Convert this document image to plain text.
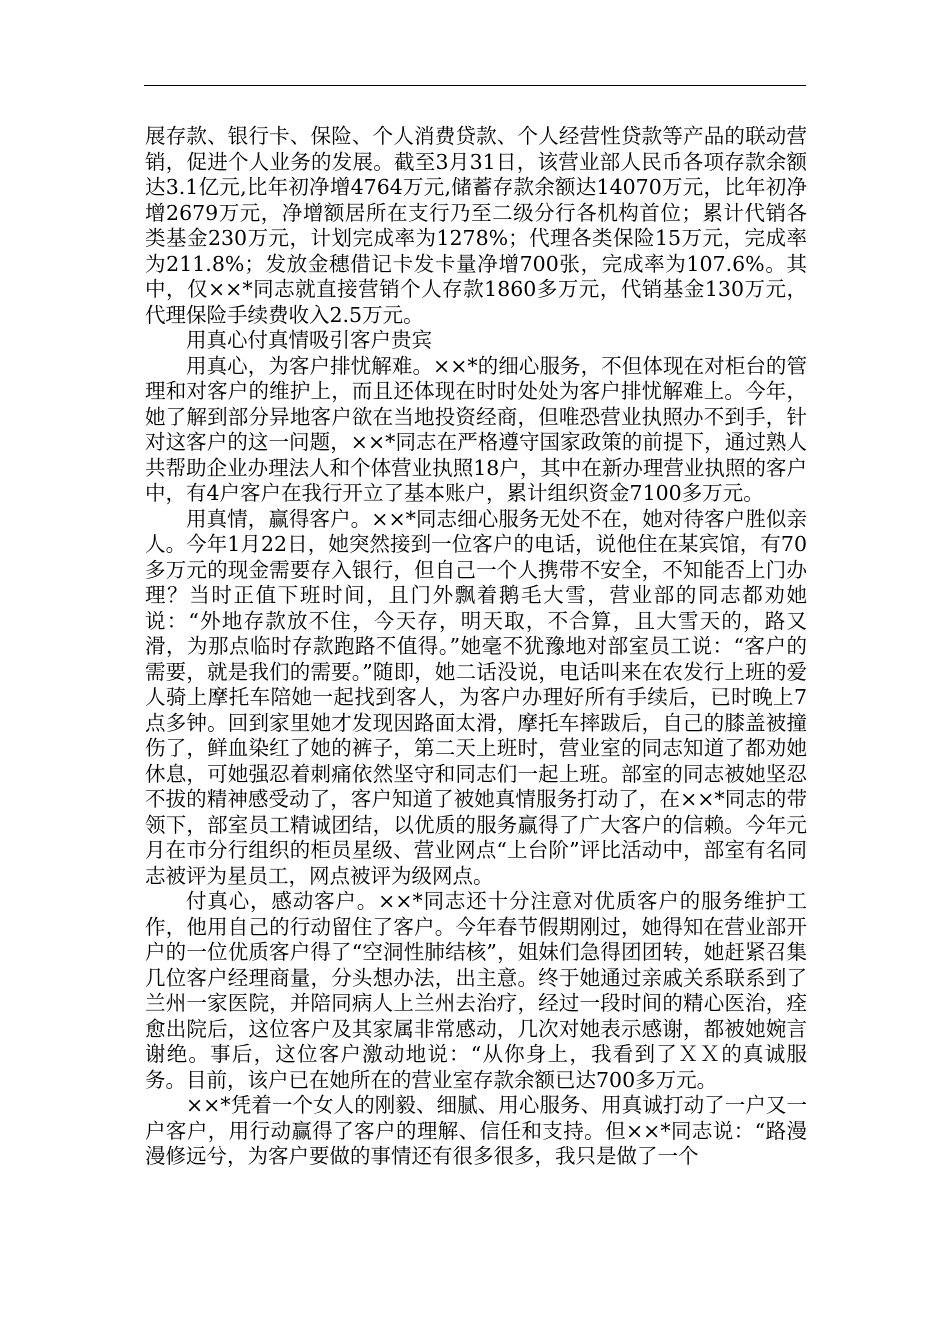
展存款、银行卡、保险、个人消费贷款、个人经营性贷款等产品的联动营销，促进个人业务的发展。截至3月31日，该营业部人民币各项存款余额达3.1亿元,比年初净增4764万元,储蓄存款余额达14070万元，比年初净增2679万元，净增额居所在支行乃至二级分行各机构首位；累计代销各类基金230万元，计划完成率为1278%；代理各类保险15万元，完成率为211.8%；发放金穗借记卡发卡量净增700张，完成率为107.6%。其中，仅××*同志就直接营销个人存款1860多万元，代销基金130万元，代理保险手续费收入2.5万元。

用真心付真情吸引客户贵宾

用真心，为客户排忧解难。××*的细心服务，不但体现在对柜台的管理和对客户的维护上，而且还体现在时时处处为客户排忧解难上。今年，她了解到部分异地客户欲在当地投资经商，但唯恐营业执照办不到手，针对这客户的这一问题，××*同志在严格遵守国家政策的前提下，通过熟人共帮助企业办理法人和个体营业执照18户，其中在新办理营业执照的客户中，有4户客户在我行开立了基本账户，累计组织资金7100多万元。

用真情，赢得客户。××*同志细心服务无处不在，她对待客户胜似亲人。今年1月22日，她突然接到一位客户的电话，说他住在某宾馆，有70多万元的现金需要存入银行，但自己一个人携带不安全，不知能否上门办理？当时正值下班时间，且门外飘着鹅毛大雪，营业部的同志都劝她说：“外地存款放不住，今天存，明天取，不合算，且大雪天的，路又滑，为那点临时存款跑路不值得。”她毫不犹豫地对部室员工说：“客户的需要，就是我们的需要。”随即，她二话没说，电话叫来在农发行上班的爱人骑上摩托车陪她一起找到客人，为客户办理好所有手续后，已时晚上7点多钟。回到家里她才发现因路面太滑，摩托车摔跋后，自己的膝盖被撞伤了，鲜血染红了她的裤子，第二天上班时，营业室的同志知道了都劝她休息，可她强忍着刺痛依然坚守和同志们一起上班。部室的同志被她坚忍不拔的精神感受动了，客户知道了被她真情服务打动了，在××*同志的带领下，部室员工精诚团结，以优质的服务赢得了广大客户的信赖。今年元月在市分行组织的柜员星级、营业网点“上台阶”评比活动中，部室有名同志被评为星员工，网点被评为级网点。

付真心，感动客户。××*同志还十分注意对优质客户的服务维护工作，他用自己的行动留住了客户。今年春节假期刚过，她得知在营业部开户的一位优质客户得了“空洞性肺结核”，姐妹们急得团团转，她赶紧召集几位客户经理商量，分头想办法，出主意。终于她通过亲戚关系联系到了兰州一家医院，并陪同病人上兰州去治疗，经过一段时间的精心医治，痊愈出院后，这位客户及其家属非常感动，几次对她表示感谢，都被她婉言谢绝。事后，这位客户激动地说：“从你身上，我看到了ＸＸ的真诚服务。目前，该户已在她所在的营业室存款余额已达700多万元。

××*凭着一个女人的刚毅、细腻、用心服务、用真诚打动了一户又一户客户，用行动赢得了客户的理解、信任和支持。但××*同志说：“路漫漫修远兮，为客户要做的事情还有很多很多，我只是做了一个
